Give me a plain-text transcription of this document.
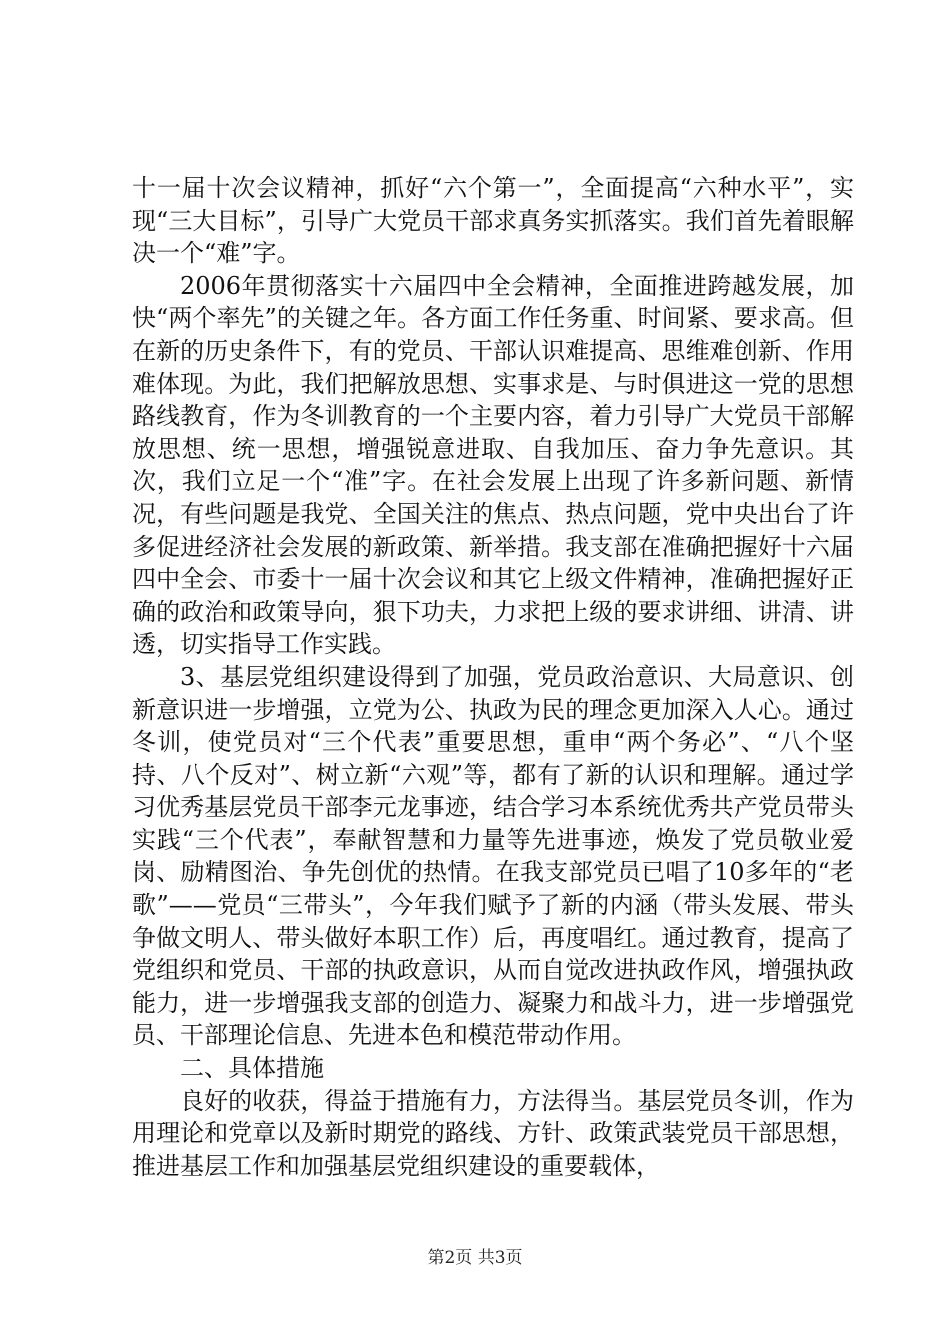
十一届十次会议精神，抓好“六个第一”，全面提高“六种水平”，实现“三大目标”，引导广大党员干部求真务实抓落实。我们首先着眼解决一个“难”字。

2006年贯彻落实十六届四中全会精神，全面推进跨越发展，加快“两个率先”的关键之年。各方面工作任务重、时间紧、要求高。但在新的历史条件下，有的党员、干部认识难提高、思维难创新、作用难体现。为此，我们把解放思想、实事求是、与时俱进这一党的思想路线教育，作为冬训教育的一个主要内容，着力引导广大党员干部解放思想、统一思想，增强锐意进取、自我加压、奋力争先意识。其次，我们立足一个“准”字。在社会发展上出现了许多新问题、新情况，有些问题是我党、全国关注的焦点、热点问题，党中央出台了许多促进经济社会发展的新政策、新举措。我支部在准确把握好十六届四中全会、市委十一届十次会议和其它上级文件精神，准确把握好正确的政治和政策导向，狠下功夫，力求把上级的要求讲细、讲清、讲透，切实指导工作实践。

3、基层党组织建设得到了加强，党员政治意识、大局意识、创新意识进一步增强，立党为公、执政为民的理念更加深入人心。通过冬训，使党员对“三个代表”重要思想，重申“两个务必”、“八个坚持、八个反对”、树立新“六观”等，都有了新的认识和理解。通过学习优秀基层党员干部李元龙事迹，结合学习本系统优秀共产党员带头实践“三个代表”，奉献智慧和力量等先进事迹，焕发了党员敬业爱岗、励精图治、争先创优的热情。在我支部党员已唱了10多年的“老歌”——党员“三带头”，今年我们赋予了新的内涵（带头发展、带头争做文明人、带头做好本职工作）后，再度唱红。通过教育，提高了党组织和党员、干部的执政意识，从而自觉改进执政作风，增强执政能力，进一步增强我支部的创造力、凝聚力和战斗力，进一步增强党员、干部理论信息、先进本色和模范带动作用。

二、具体措施

良好的收获，得益于措施有力，方法得当。基层党员冬训，作为用理论和党章以及新时期党的路线、方针、政策武装党员干部思想，推进基层工作和加强基层党组织建设的重要载体，

第2页 共3页
